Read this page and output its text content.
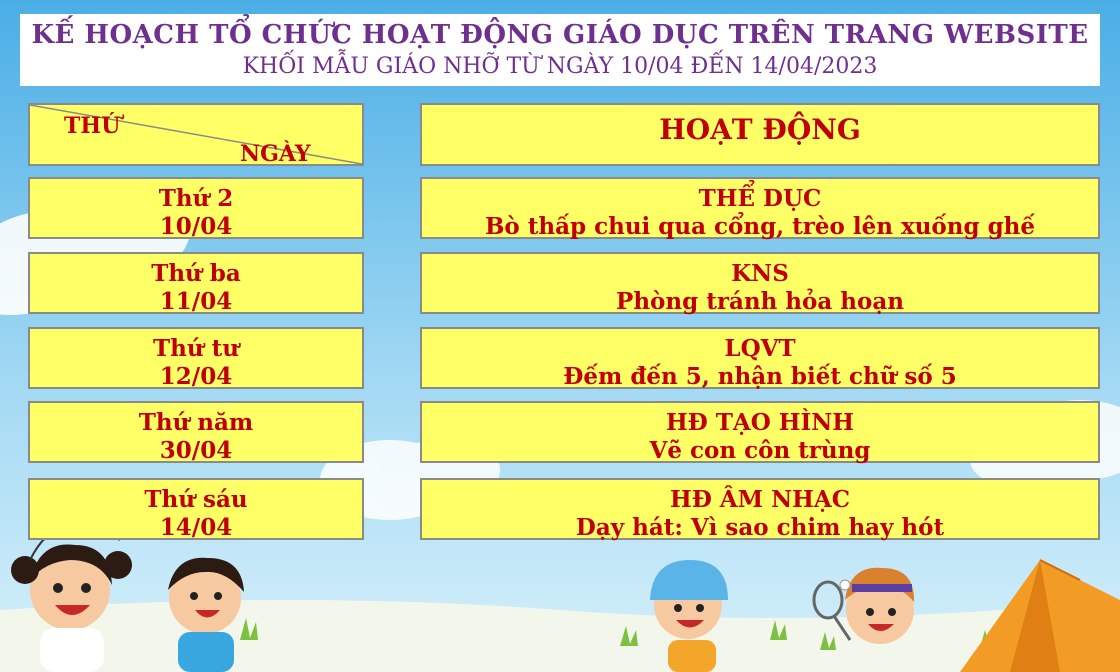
KẾ HOẠCH TỔ CHỨC HOẠT ĐỘNG GIÁO DỤC TRÊN TRANG WEBSITE
KHỐI MẪU GIÁO NHỠ TỪ NGÀY 10/04 ĐẾN 14/04/2023
THỨ
NGÀY
HOẠT ĐỘNG
Thứ 2
10/04
THỂ DỤC
Bò thấp chui qua cổng, trèo lên xuống ghế
Thứ ba
11/04
KNS
Phòng tránh hỏa hoạn
Thứ tư
12/04
LQVT
Đếm đến 5, nhận biết chữ số 5
Thứ năm
30/04
HĐ TẠO HÌNH
Vẽ con côn trùng
Thứ sáu
14/04
HĐ ÂM NHẠC
Dạy hát: Vì sao chim hay hót
